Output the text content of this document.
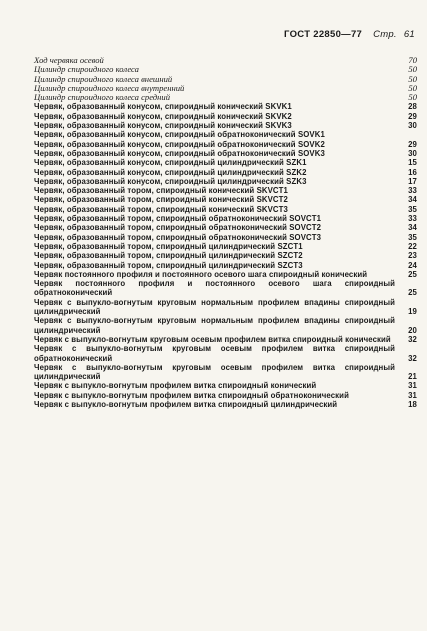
ГОСТ 22850—77 Стр. 61
Ход червяка осевой	70
Цилиндр спироидного колеса	50
Цилиндр спироидного колеса внешний	50
Цилиндр спироидного колеса внутренний	50
Цилиндр спироидного колеса средний	50
Червяк, образованный конусом, спироидный конический SKVK1	28
Червяк, образованный конусом, спироидный конический SKVK2	29
Червяк, образованный конусом, спироидный конический SKVK3	30
Червяк, образованный конусом, спироидный обратноконический SOVK1
Червяк, образованный конусом, спироидный обратноконический SOVK2	29
Червяк, образованный конусом, спироидный обратноконический SOVK3	30
Червяк, образованный конусом, спироидный цилиндрический SZK1	15
Червяк, образованный конусом, спироидный цилиндрический SZK2	16
Червяк, образованный конусом, спироидный цилиндрический SZK3	17
Червяк, образованный тором, спироидный конический SKVCT1	33
Червяк, образованный тором, спироидный конический SKVCT2	34
Червяк, образованный тором, спироидный конический SKVCT3	35
Червяк, образованный тором, спироидный обратноконический SOVCT1	33
Червяк, образованный тором, спироидный обратноконический SOVCT2	34
Червяк, образованный тором, спироидный обратноконический SOVCT3	35
Червяк, образованный тором, спироидный цилиндрический SZCT1	22
Червяк, образованный тором, спироидный цилиндрический SZCT2	23
Червяк, образованный тором, спироидный цилиндрический SZCT3	24
Червяк постоянного профиля и постоянного осевого шага спироидный конический	25
Червяк постоянного профиля и постоянного осевого шага спироидный обратноконический	25
Червяк с выпукло-вогнутым круговым нормальным профилем впадины спироидный цилиндрический	19
Червяк с выпукло-вогнутым круговым нормальным профилем впадины спироидный цилиндрический	20
Червяк с выпукло-вогнутым круговым осевым профилем витка спироидный конический	32
Червяк с выпукло-вогнутым круговым осевым профилем витка спироидный обратноконический	32
Червяк с выпукло-вогнутым круговым осевым профилем витка спироидный цилиндрический	21
Червяк с выпукло-вогнутым профилем витка спироидный конический	31
Червяк с выпукло-вогнутым профилем витка спироидный обратноконический	31
Червяк с выпукло-вогнутым профилем витка спироидный цилиндрический	18
